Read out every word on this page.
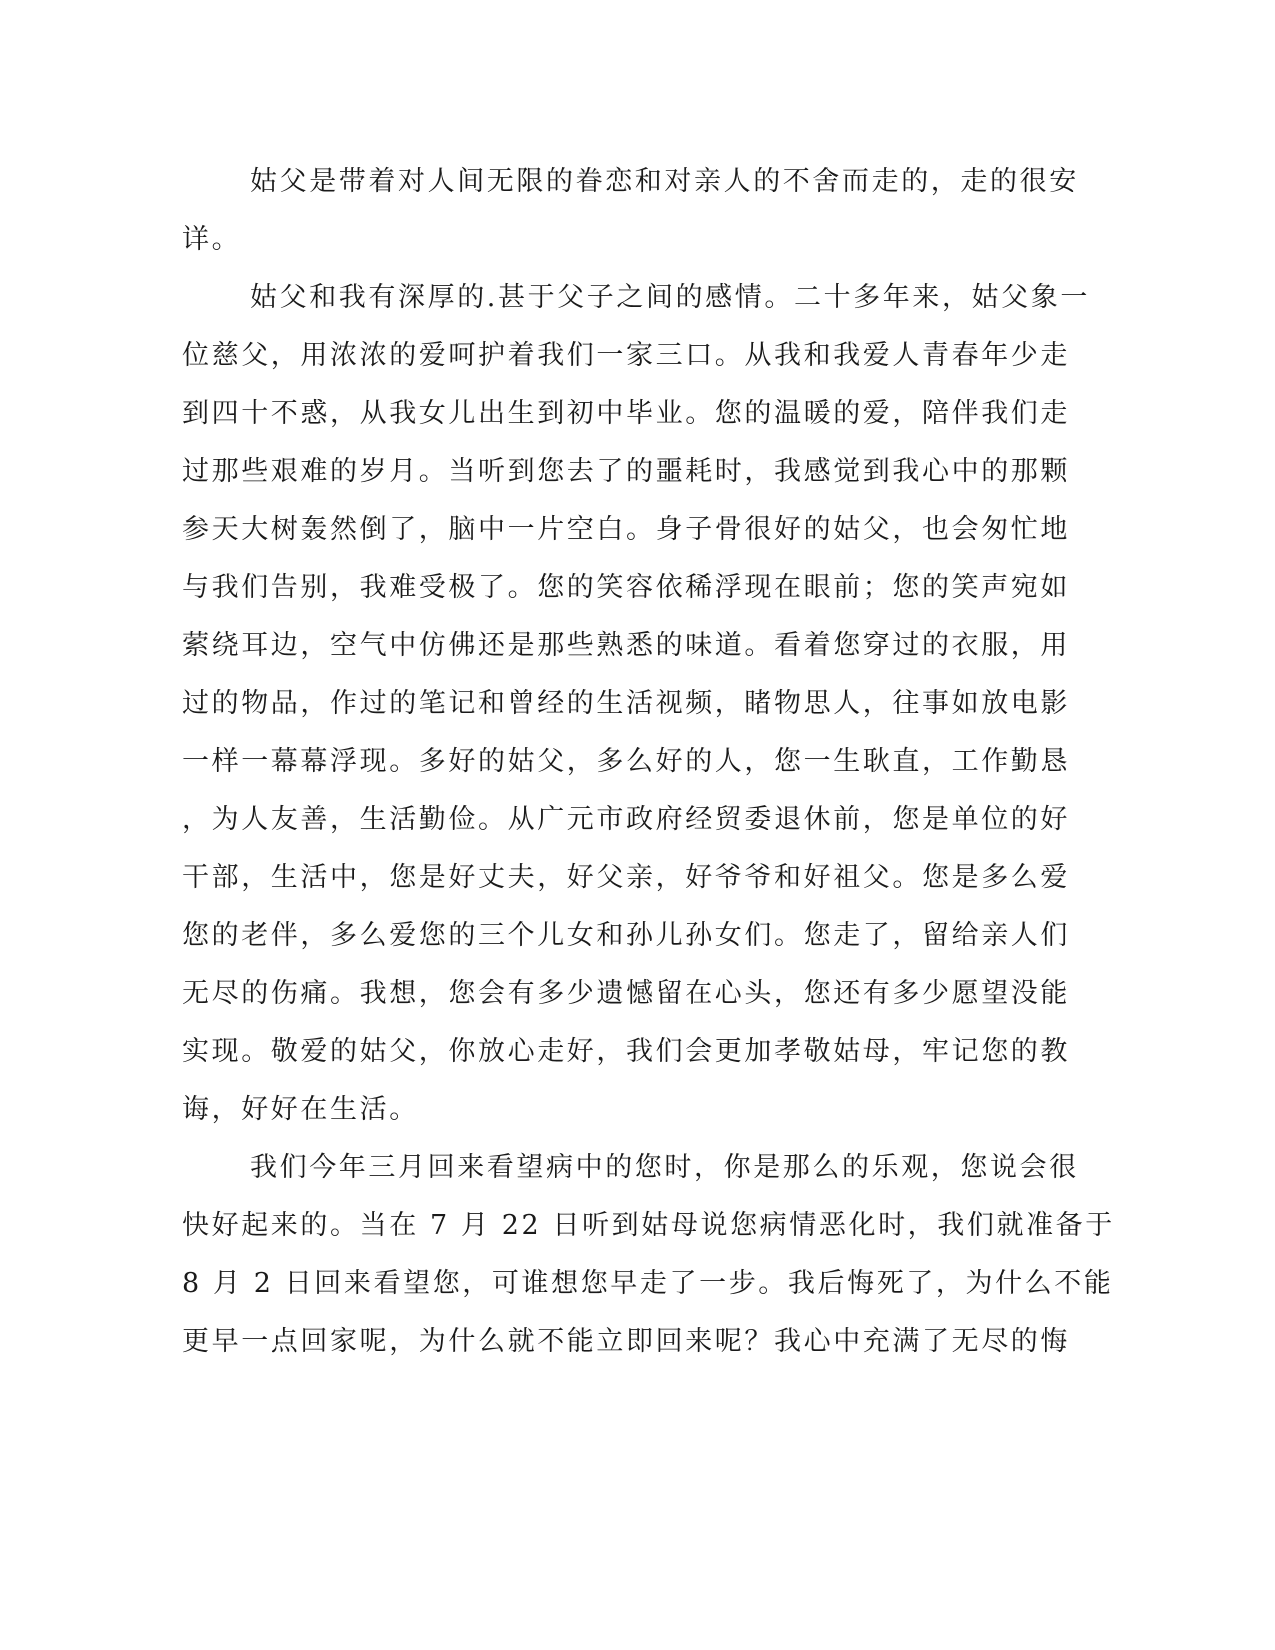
姑父是带着对人间无限的眷恋和对亲人的不舍而走的，走的很安
详。
姑父和我有深厚的.甚于父子之间的感情。二十多年来，姑父象一
位慈父，用浓浓的爱呵护着我们一家三口。从我和我爱人青春年少走
到四十不惑，从我女儿出生到初中毕业。您的温暖的爱，陪伴我们走
过那些艰难的岁月。当听到您去了的噩耗时，我感觉到我心中的那颗
参天大树轰然倒了，脑中一片空白。身子骨很好的姑父，也会匆忙地
与我们告别，我难受极了。您的笑容依稀浮现在眼前；您的笑声宛如
萦绕耳边，空气中仿佛还是那些熟悉的味道。看着您穿过的衣服，用
过的物品，作过的笔记和曾经的生活视频，睹物思人，往事如放电影
一样一幕幕浮现。多好的姑父，多么好的人，您一生耿直，工作勤恳
，为人友善，生活勤俭。从广元市政府经贸委退休前，您是单位的好
干部，生活中，您是好丈夫，好父亲，好爷爷和好祖父。您是多么爱
您的老伴，多么爱您的三个儿女和孙儿孙女们。您走了，留给亲人们
无尽的伤痛。我想，您会有多少遗憾留在心头，您还有多少愿望没能
实现。敬爱的姑父，你放心走好，我们会更加孝敬姑母，牢记您的教
诲，好好在生活。
我们今年三月回来看望病中的您时，你是那么的乐观，您说会很
快好起来的。当在 7 月 22 日听到姑母说您病情恶化时，我们就准备于
8 月 2 日回来看望您，可谁想您早走了一步。我后悔死了，为什么不能
更早一点回家呢，为什么就不能立即回来呢？我心中充满了无尽的悔
